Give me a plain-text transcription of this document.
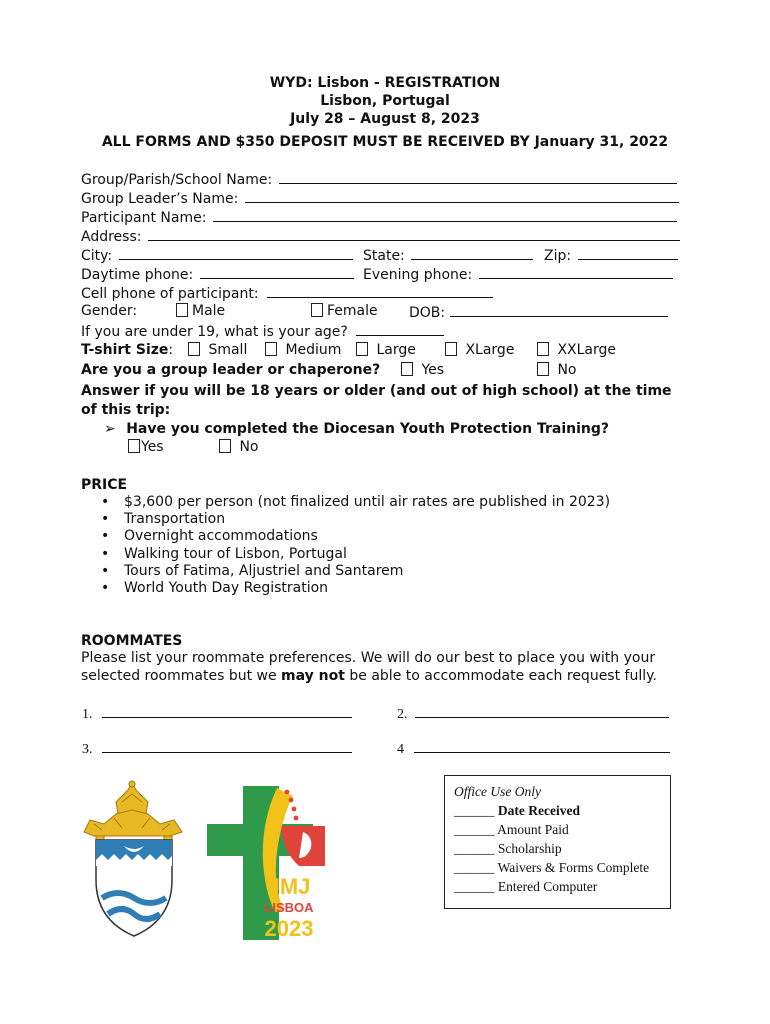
WYD: Lisbon - REGISTRATION
Lisbon, Portugal
July 28 – August 8, 2023
ALL FORMS AND $350 DEPOSIT MUST BE RECEIVED BY January 31, 2022
Group/Parish/School Name:
Group Leader’s Name:
Participant Name:
Address:
City:	State:	Zip:
Daytime phone:	Evening phone:
Cell phone of participant:
Gender:	Male	Female DOB:
If you are under 19, what is your age?
T-shirt Size:	Small	Medium	Large	XLarge	XXLarge
Are you a group leader or chaperone?	Yes	No
Answer if you will be 18 years or older (and out of high school) at the time
of this trip:
➢ Have you completed the Diocesan Youth Protection Training?
Yes	No
PRICE
• $3,600 per person (not finalized until air rates are published in 2023)
• Transportation
• Overnight accommodations
• Walking tour of Lisbon, Portugal
• Tours of Fatima, Aljustriel and Santarem
• World Youth Day Registration
ROOMMATES
Please list your roommate preferences. We will do our best to place you with your
selected roommates but we may not be able to accommodate each request fully.
1.	2.
3.	4
Office Use Only
______ Date Received
______ Amount Paid
______ Scholarship
______ Waivers & Forms Complete
______ Entered Computer
JMJ
LISBOA
2023
